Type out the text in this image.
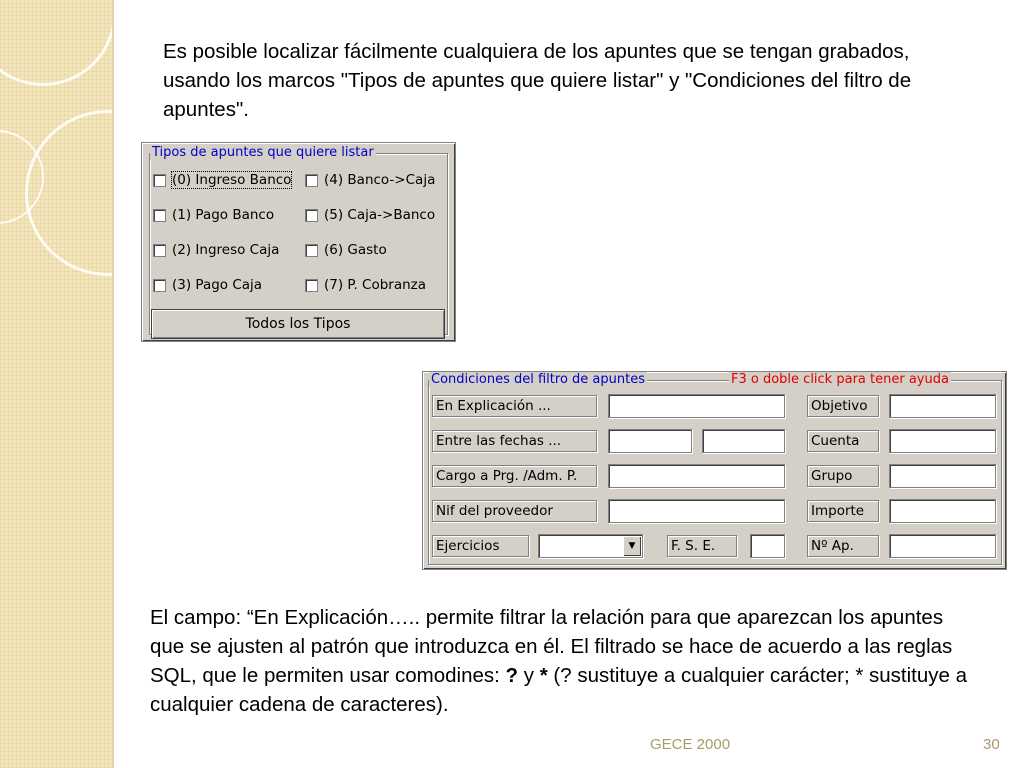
Es posible localizar fácilmente cualquiera de los apuntes que se tengan grabados, usando los marcos "Tipos de apuntes que quiere listar" y "Condiciones del filtro de apuntes".
Tipos de apuntes que quiere listar
(0) Ingreso Banco (4) Banco->Caja
(1) Pago Banco	(5) Caja->Banco
(2) Ingreso Caja	(6) Gasto
(3) Pago Caja	(7) P. Cobranza
Todos los Tipos
Condiciones del filtro de apuntes	F3 o doble click para tener ayuda
En Explicación ...	Objetivo
Entre las fechas ...	Cuenta
Cargo a Prg. /Adm. P.	Grupo
Nif del proveedor	Importe
Ejercicios	▼	F. S. E.	Nº Ap.
El campo: “En Explicación….. permite filtrar la relación para que aparezcan los apuntes que se ajusten al patrón que introduzca en él. El filtrado se hace de acuerdo a las reglas SQL, que le permiten usar comodines: ? y * (? sustituye a cualquier carácter; * sustituye a cualquier cadena de caracteres).
GECE 2000	30
